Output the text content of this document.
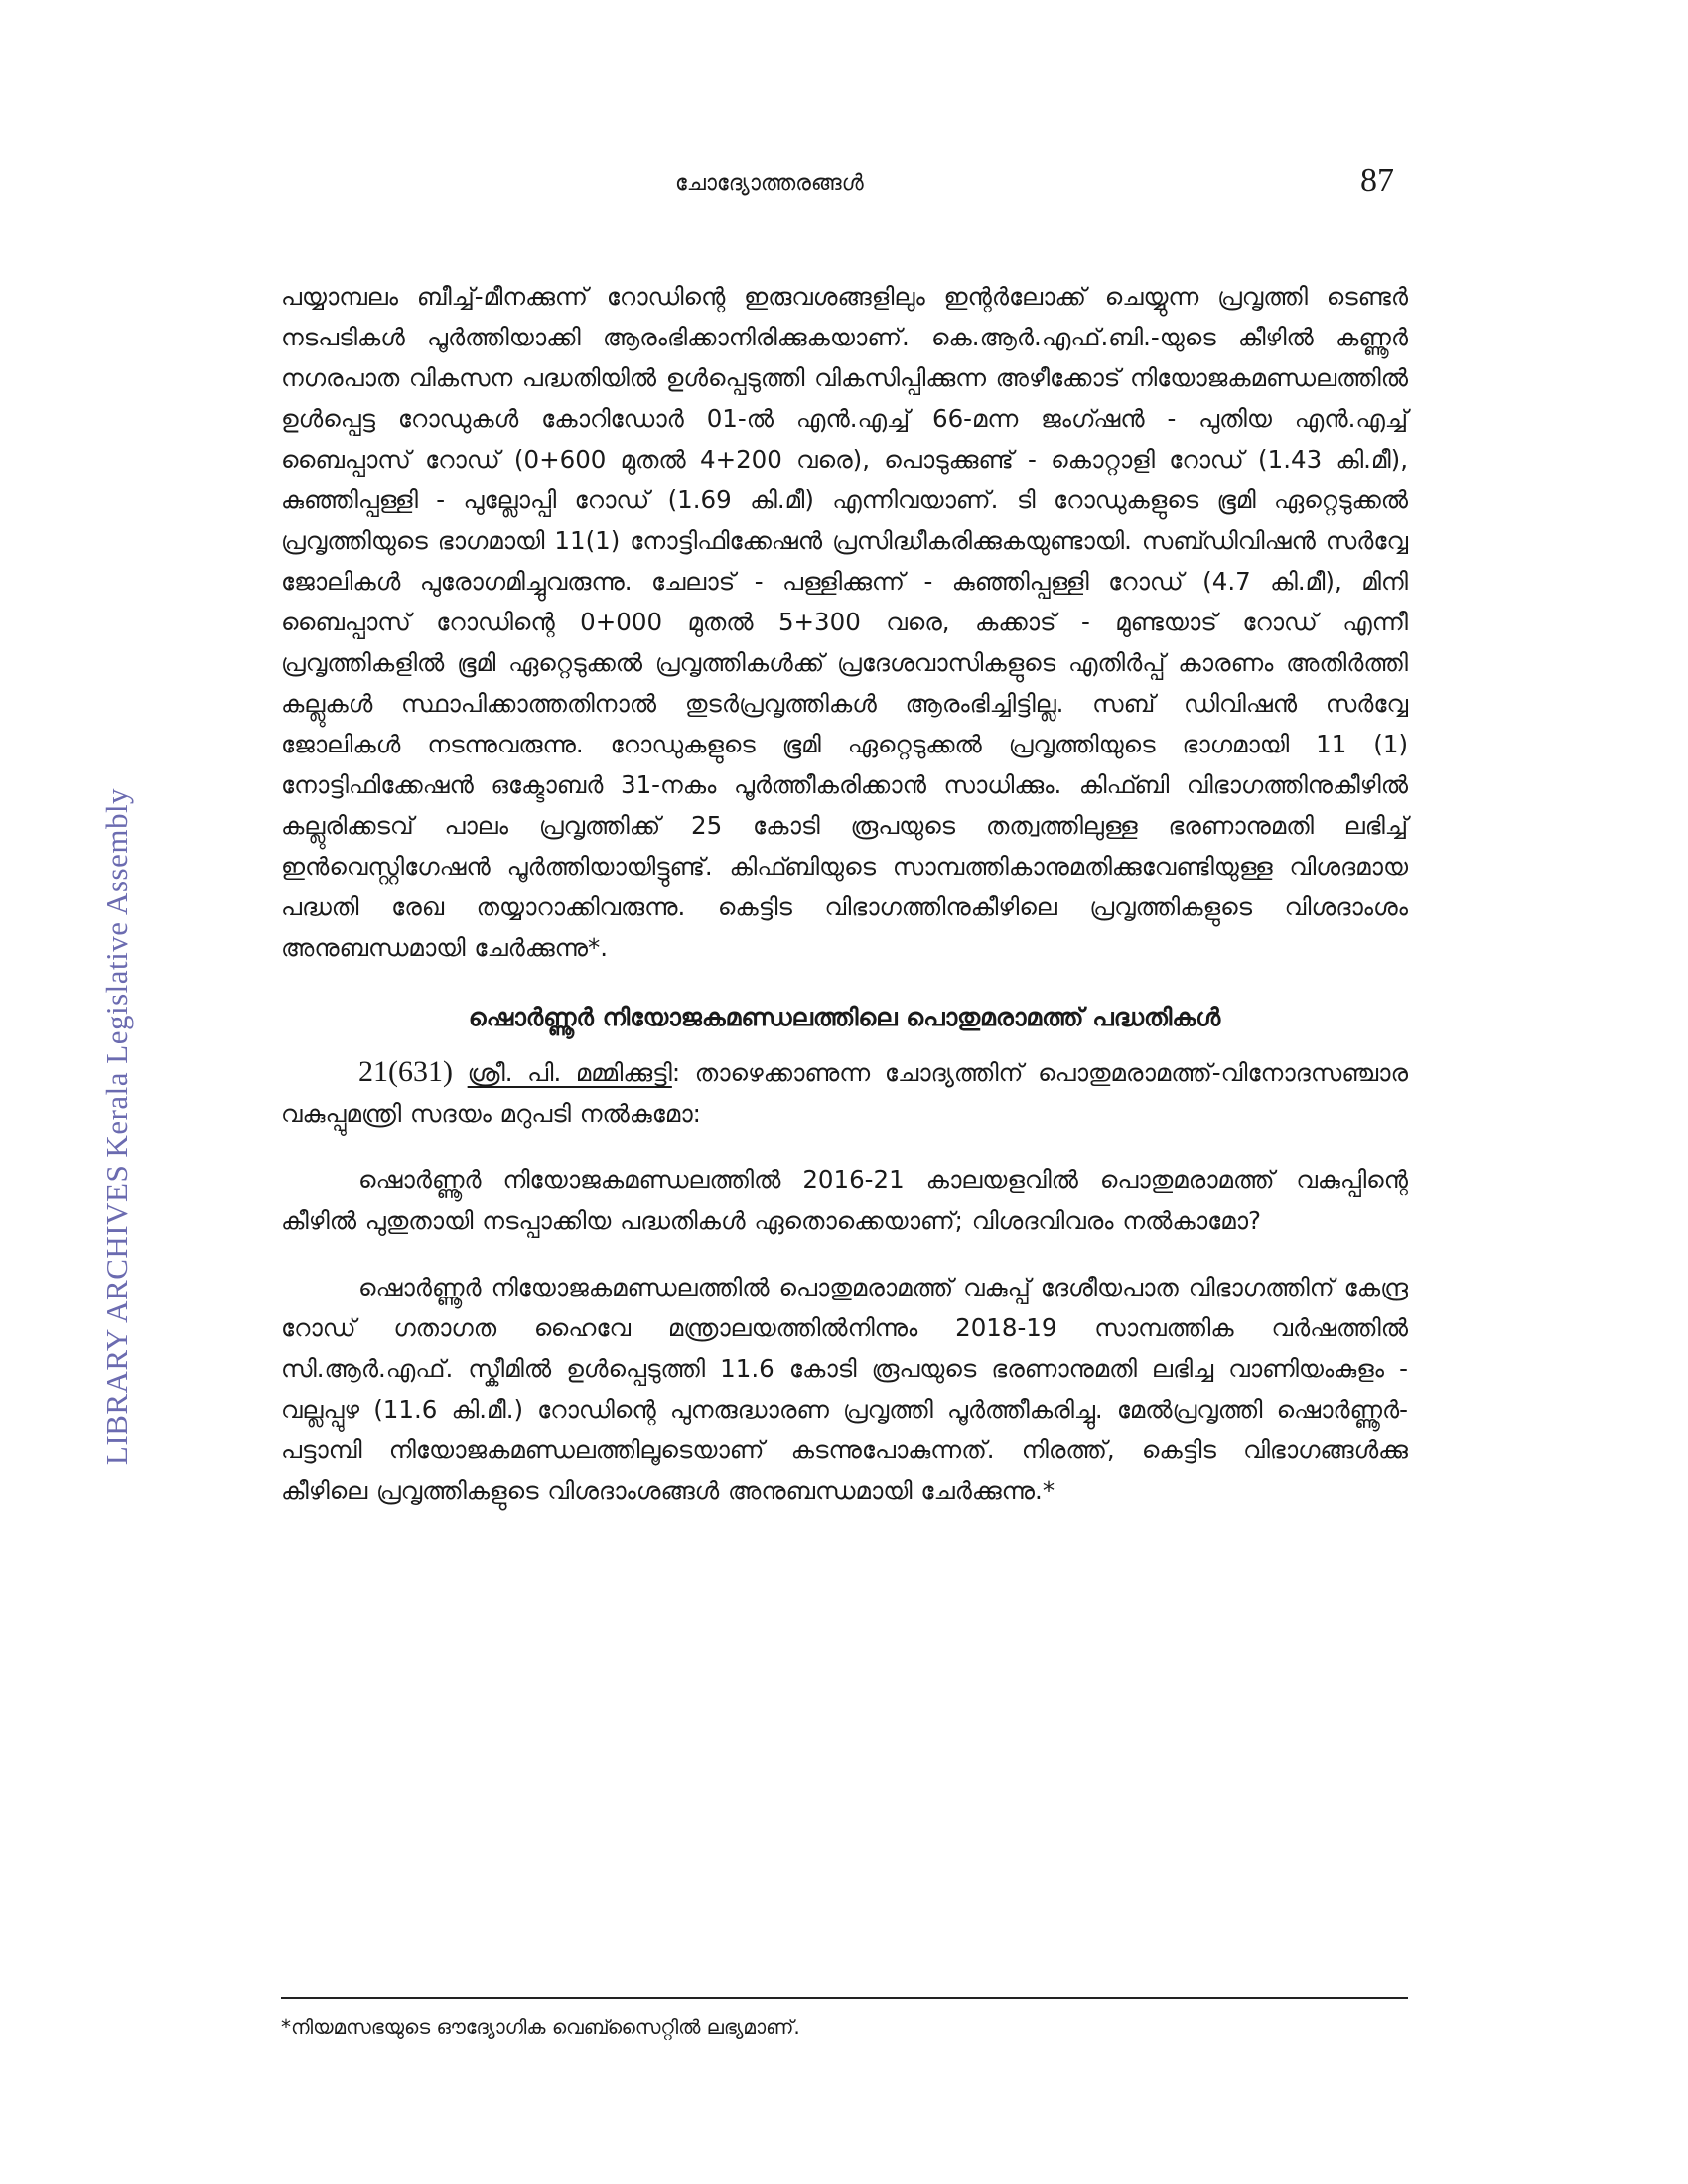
LIBRARY ARCHIVES Kerala Legislative Assembly
ചോദ്യോത്തരങ്ങൾ	87

പയ്യാമ്പലം ബീച്ച്-മീനക്കുന്ന് റോഡിന്റെ ഇരുവശങ്ങളിലും ഇന്റർലോക്ക് ചെയ്യുന്ന പ്രവൃത്തി ടെണ്ടർ നടപടികൾ പൂർത്തിയാക്കി ആരംഭിക്കാനിരിക്കുകയാണ്. കെ.ആർ.എഫ്.ബി.-യുടെ കീഴിൽ കണ്ണൂർ നഗരപാത വികസന പദ്ധതിയിൽ ഉൾപ്പെടുത്തി വികസിപ്പിക്കുന്ന അഴീക്കോട് നിയോജകമണ്ഡലത്തിൽ ഉൾപ്പെട്ട റോഡുകൾ കോറിഡോർ 01-ൽ എൻ.എച്ച് 66-മന്ന ജംഗ്ഷൻ - പുതിയ എൻ.എച്ച് ബൈപ്പാസ് റോഡ് (0+600 മുതൽ 4+200 വരെ), പൊടുക്കുണ്ട് - കൊറ്റാളി റോഡ് (1.43 കി.മീ), കുഞ്ഞിപ്പള്ളി - പുല്ലോപ്പി റോഡ് (1.69 കി.മീ) എന്നിവയാണ്. ടി റോഡുകളുടെ ഭൂമി ഏറ്റെടുക്കൽ പ്രവൃത്തിയുടെ ഭാഗമായി 11(1) നോട്ടിഫിക്കേഷൻ പ്രസിദ്ധീകരിക്കുകയുണ്ടായി. സബ്ഡിവിഷൻ സർവ്വേ ജോലികൾ പുരോഗമിച്ചുവരുന്നു. ചേലാട് - പള്ളിക്കുന്ന് - കുഞ്ഞിപ്പള്ളി റോഡ് (4.7 കി.മീ), മിനി ബൈപ്പാസ് റോഡിന്റെ 0+000 മുതൽ 5+300 വരെ, കക്കാട് - മുണ്ടയാട് റോഡ് എന്നീ പ്രവൃത്തികളിൽ ഭൂമി ഏറ്റെടുക്കൽ പ്രവൃത്തികൾക്ക് പ്രദേശവാസികളുടെ എതിർപ്പ് കാരണം അതിർത്തി കല്ലുകൾ സ്ഥാപിക്കാത്തതിനാൽ തുടർപ്രവൃത്തികൾ ആരംഭിച്ചിട്ടില്ല. സബ് ഡിവിഷൻ സർവ്വേ ജോലികൾ നടന്നുവരുന്നു. റോഡുകളുടെ ഭൂമി ഏറ്റെടുക്കൽ പ്രവൃത്തിയുടെ ഭാഗമായി 11 (1) നോട്ടിഫിക്കേഷൻ ഒക്ടോബർ 31-നകം പൂർത്തീകരിക്കാൻ സാധിക്കും. കിഫ്ബി വിഭാഗത്തിനുകീഴിൽ കല്ലുരിക്കടവ് പാലം പ്രവൃത്തിക്ക് 25 കോടി രൂപയുടെ തത്വത്തിലുള്ള ഭരണാനുമതി ലഭിച്ച് ഇൻവെസ്റ്റിഗേഷൻ പൂർത്തിയായിട്ടുണ്ട്. കിഫ്ബിയുടെ സാമ്പത്തികാനുമതിക്കുവേണ്ടിയുള്ള വിശദമായ പദ്ധതി രേഖ തയ്യാറാക്കിവരുന്നു. കെട്ടിട വിഭാഗത്തിനുകീഴിലെ പ്രവൃത്തികളുടെ വിശദാംശം അനുബന്ധമായി ചേർക്കുന്നു*.

ഷൊർണ്ണൂർ നിയോജകമണ്ഡലത്തിലെ പൊതുമരാമത്ത് പദ്ധതികൾ

21(631) ശ്രീ. പി. മമ്മിക്കുട്ടി: താഴെക്കാണുന്ന ചോദ്യത്തിന് പൊതുമരാമത്ത്-വിനോദസഞ്ചാര വകുപ്പുമന്ത്രി സദയം മറുപടി നൽകുമോ:

ഷൊർണ്ണൂർ നിയോജകമണ്ഡലത്തിൽ 2016-21 കാലയളവിൽ പൊതുമരാമത്ത് വകുപ്പിന്റെ കീഴിൽ പുതുതായി നടപ്പാക്കിയ പദ്ധതികൾ ഏതൊക്കെയാണ്; വിശദവിവരം നൽകാമോ?

ഷൊർണ്ണൂർ നിയോജകമണ്ഡലത്തിൽ പൊതുമരാമത്ത് വകുപ്പ് ദേശീയപാത വിഭാഗത്തിന് കേന്ദ്ര റോഡ് ഗതാഗത ഹൈവേ മന്ത്രാലയത്തിൽനിന്നും 2018-19 സാമ്പത്തിക വർഷത്തിൽ സി.ആർ.എഫ്. സ്കീമിൽ ഉൾപ്പെടുത്തി 11.6 കോടി രൂപയുടെ ഭരണാനുമതി ലഭിച്ച വാണിയംകുളം - വല്ലപ്പുഴ (11.6 കി.മീ.) റോഡിന്റെ പുനരുദ്ധാരണ പ്രവൃത്തി പൂർത്തീകരിച്ചു. മേൽപ്രവൃത്തി ഷൊർണ്ണൂർ-പട്ടാമ്പി നിയോജകമണ്ഡലത്തിലൂടെയാണ് കടന്നുപോകുന്നത്. നിരത്ത്, കെട്ടിട വിഭാഗങ്ങൾക്കു കീഴിലെ പ്രവൃത്തികളുടെ വിശദാംശങ്ങൾ അനുബന്ധമായി ചേർക്കുന്നു.*

*നിയമസഭയുടെ ഔദ്യോഗിക വെബ്സൈറ്റിൽ ലഭ്യമാണ്.
